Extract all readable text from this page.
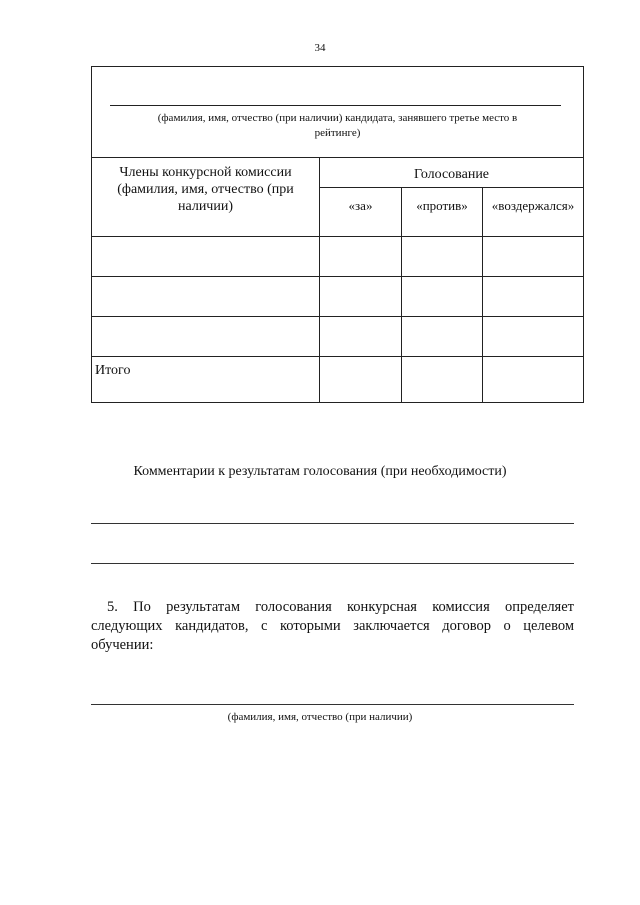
34
(фамилия, имя, отчество (при наличии) кандидата, занявшего третье место в рейтинге)			

Члены конкурсной комиссии (фамилия, имя, отчество (при наличии)	Голосование		
	«за»	«против»	«воздержался»

Итого			
Комментарии к результатам голосования (при необходимости)
5. По результатам голосования конкурсная комиссия определяет следующих кандидатов, с которыми заключается договор о целевом обучении:
(фамилия, имя, отчество (при наличии)
